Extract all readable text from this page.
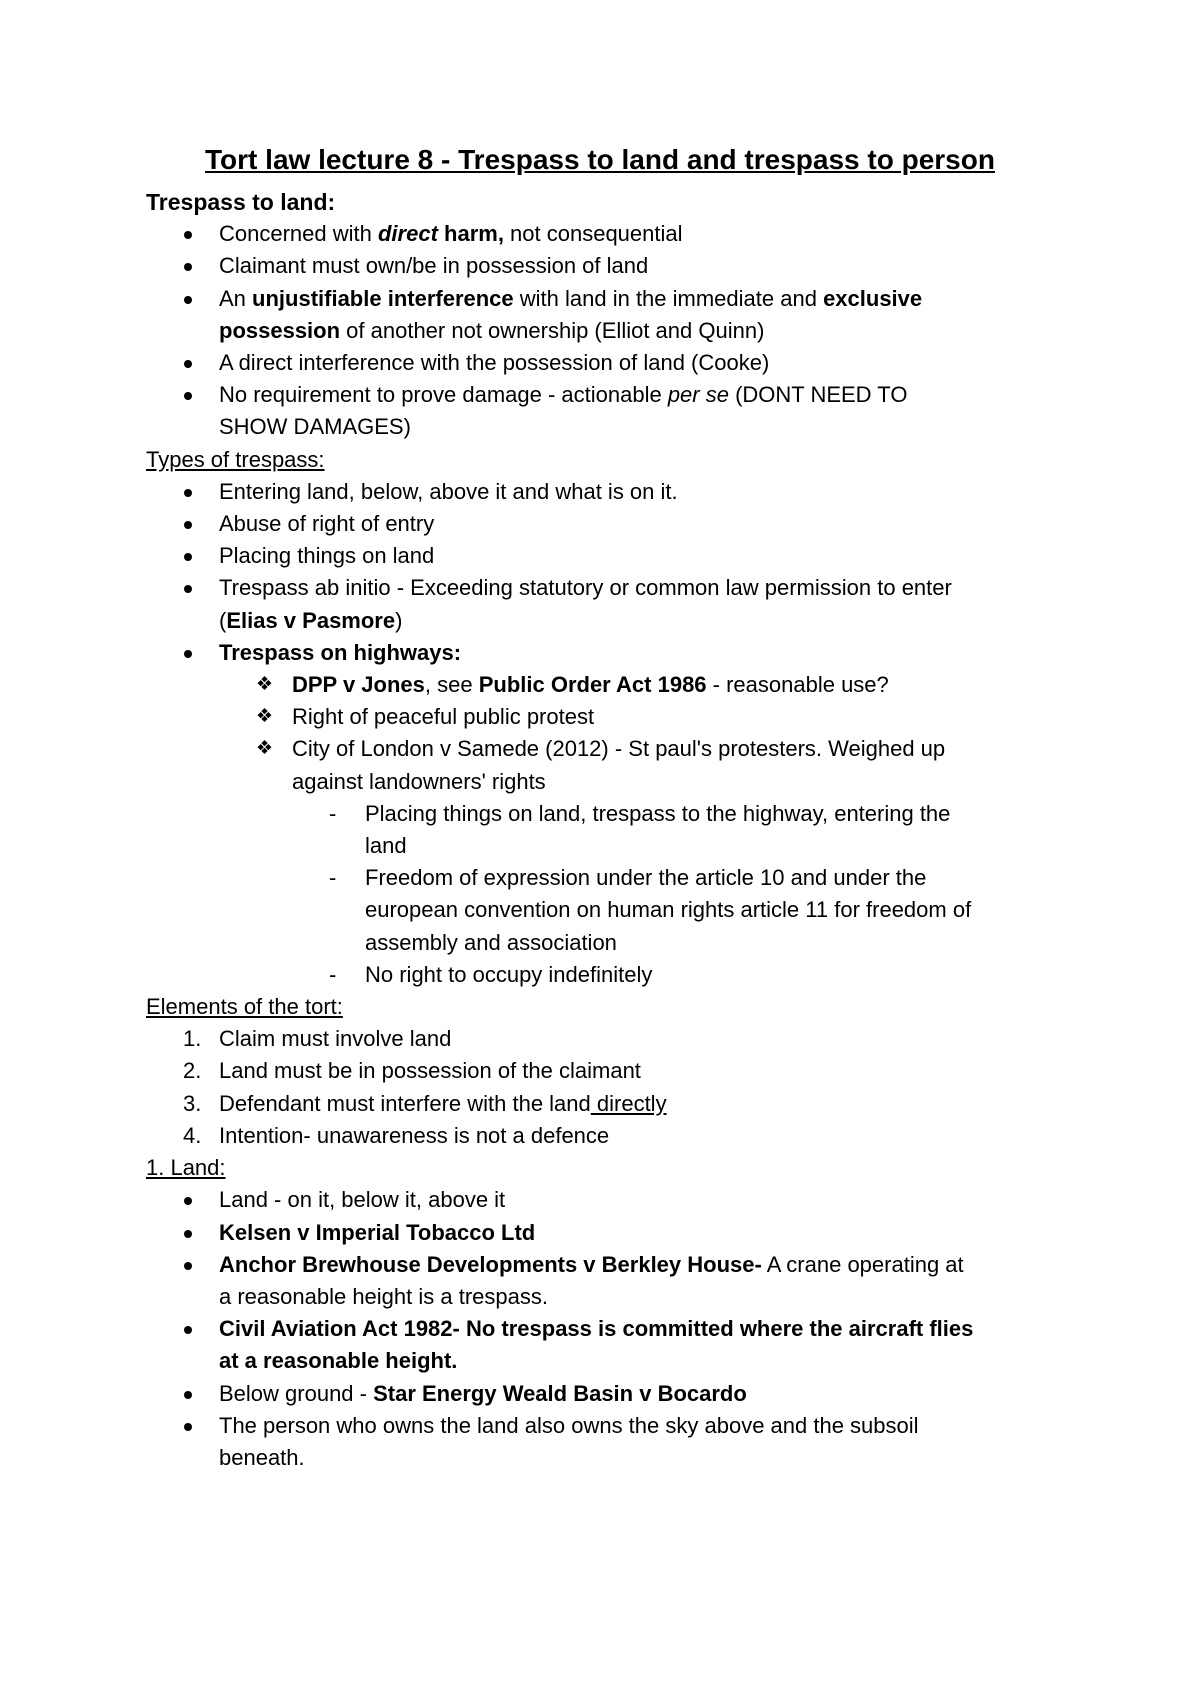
Tort law lecture 8 - Trespass to land and trespass to person
Trespass to land:
Concerned with direct harm, not consequential
Claimant must own/be in possession of land
An unjustifiable interference with land in the immediate and exclusive
possession of another not ownership (Elliot and Quinn)
A direct interference with the possession of land (Cooke)
No requirement to prove damage - actionable per se (DONT NEED TO
SHOW DAMAGES)
Types of trespass:
Entering land, below, above it and what is on it.
Abuse of right of entry
Placing things on land
Trespass ab initio - Exceeding statutory or common law permission to enter
(Elias v Pasmore)
Trespass on highways:
❖ DPP v Jones, see Public Order Act 1986 - reasonable use?
❖ Right of peaceful public protest
❖ City of London v Samede (2012) - St paul's protesters. Weighed up
against landowners' rights
- Placing things on land, trespass to the highway, entering the
land
- Freedom of expression under the article 10 and under the
european convention on human rights article 11 for freedom of
assembly and association
- No right to occupy indefinitely
Elements of the tort:
1. Claim must involve land
2. Land must be in possession of the claimant
3. Defendant must interfere with the land directly
4. Intention- unawareness is not a defence
1. Land:
Land - on it, below it, above it
Kelsen v Imperial Tobacco Ltd
Anchor Brewhouse Developments v Berkley House- A crane operating at
a reasonable height is a trespass.
Civil Aviation Act 1982- No trespass is committed where the aircraft flies
at a reasonable height.
Below ground - Star Energy Weald Basin v Bocardo
The person who owns the land also owns the sky above and the subsoil
beneath.
